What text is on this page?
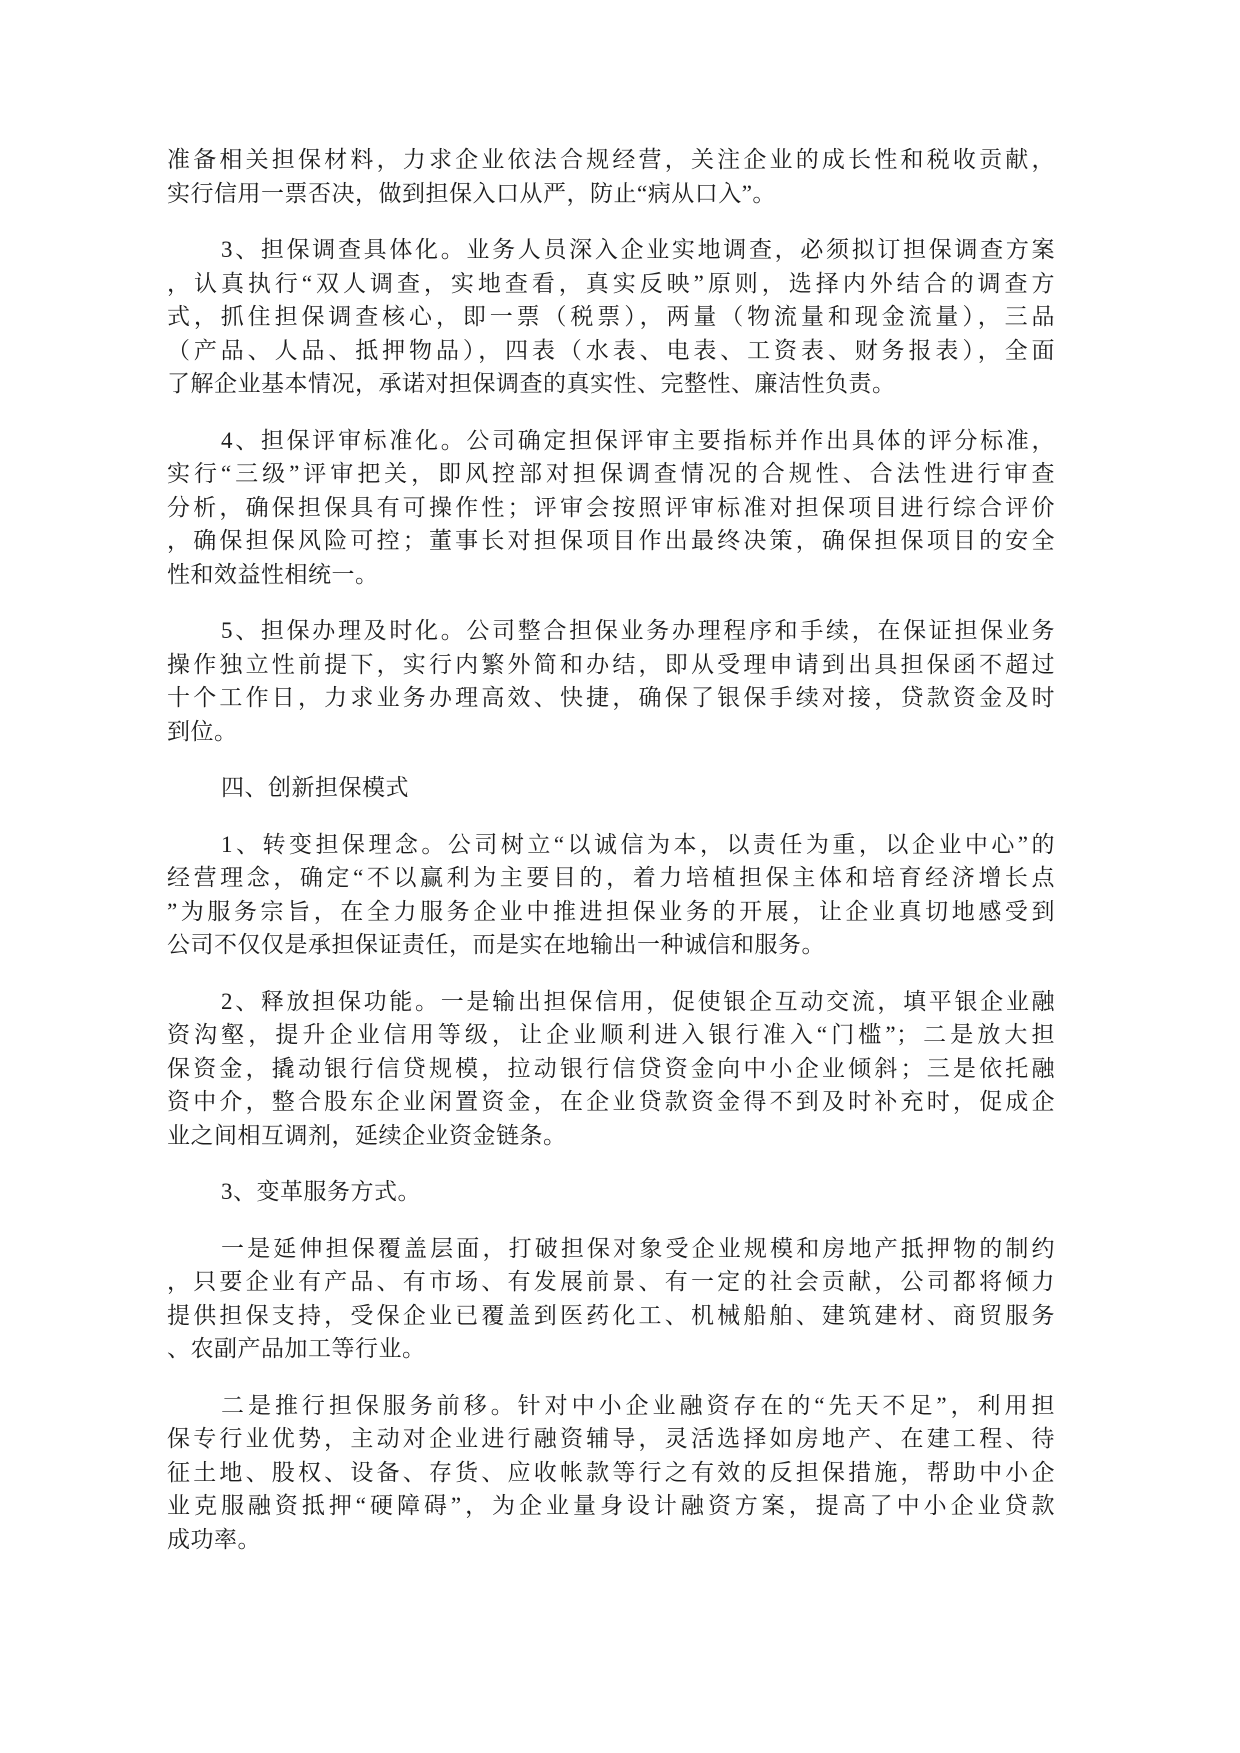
准备相关担保材料，力求企业依法合规经营，关注企业的成长性和税收贡献，
实行信用一票否决，做到担保入口从严，防止“病从口入”。
3、担保调查具体化。业务人员深入企业实地调查，必须拟订担保调查方案
，认真执行“双人调查，实地查看，真实反映”原则，选择内外结合的调查方
式，抓住担保调查核心，即一票（税票），两量（物流量和现金流量），三品
（产品、人品、抵押物品），四表（水表、电表、工资表、财务报表），全面
了解企业基本情况，承诺对担保调查的真实性、完整性、廉洁性负责。
4、担保评审标准化。公司确定担保评审主要指标并作出具体的评分标准，
实行“三级”评审把关，即风控部对担保调查情况的合规性、合法性进行审查
分析，确保担保具有可操作性；评审会按照评审标准对担保项目进行综合评价
，确保担保风险可控；董事长对担保项目作出最终决策，确保担保项目的安全
性和效益性相统一。
5、担保办理及时化。公司整合担保业务办理程序和手续，在保证担保业务
操作独立性前提下，实行内繁外简和办结，即从受理申请到出具担保函不超过
十个工作日，力求业务办理高效、快捷，确保了银保手续对接，贷款资金及时
到位。
四、创新担保模式
1、转变担保理念。公司树立“以诚信为本，以责任为重，以企业中心”的
经营理念，确定“不以赢利为主要目的，着力培植担保主体和培育经济增长点
”为服务宗旨，在全力服务企业中推进担保业务的开展，让企业真切地感受到
公司不仅仅是承担保证责任，而是实在地输出一种诚信和服务。
2、释放担保功能。一是输出担保信用，促使银企互动交流，填平银企业融
资沟壑，提升企业信用等级，让企业顺利进入银行准入“门槛”；二是放大担
保资金，撬动银行信贷规模，拉动银行信贷资金向中小企业倾斜；三是依托融
资中介，整合股东企业闲置资金，在企业贷款资金得不到及时补充时，促成企
业之间相互调剂，延续企业资金链条。
3、变革服务方式。
一是延伸担保覆盖层面，打破担保对象受企业规模和房地产抵押物的制约
，只要企业有产品、有市场、有发展前景、有一定的社会贡献，公司都将倾力
提供担保支持，受保企业已覆盖到医药化工、机械船舶、建筑建材、商贸服务
、农副产品加工等行业。
二是推行担保服务前移。针对中小企业融资存在的“先天不足”，利用担
保专行业优势，主动对企业进行融资辅导，灵活选择如房地产、在建工程、待
征土地、股权、设备、存货、应收帐款等行之有效的反担保措施，帮助中小企
业克服融资抵押“硬障碍”，为企业量身设计融资方案，提高了中小企业贷款
成功率。
